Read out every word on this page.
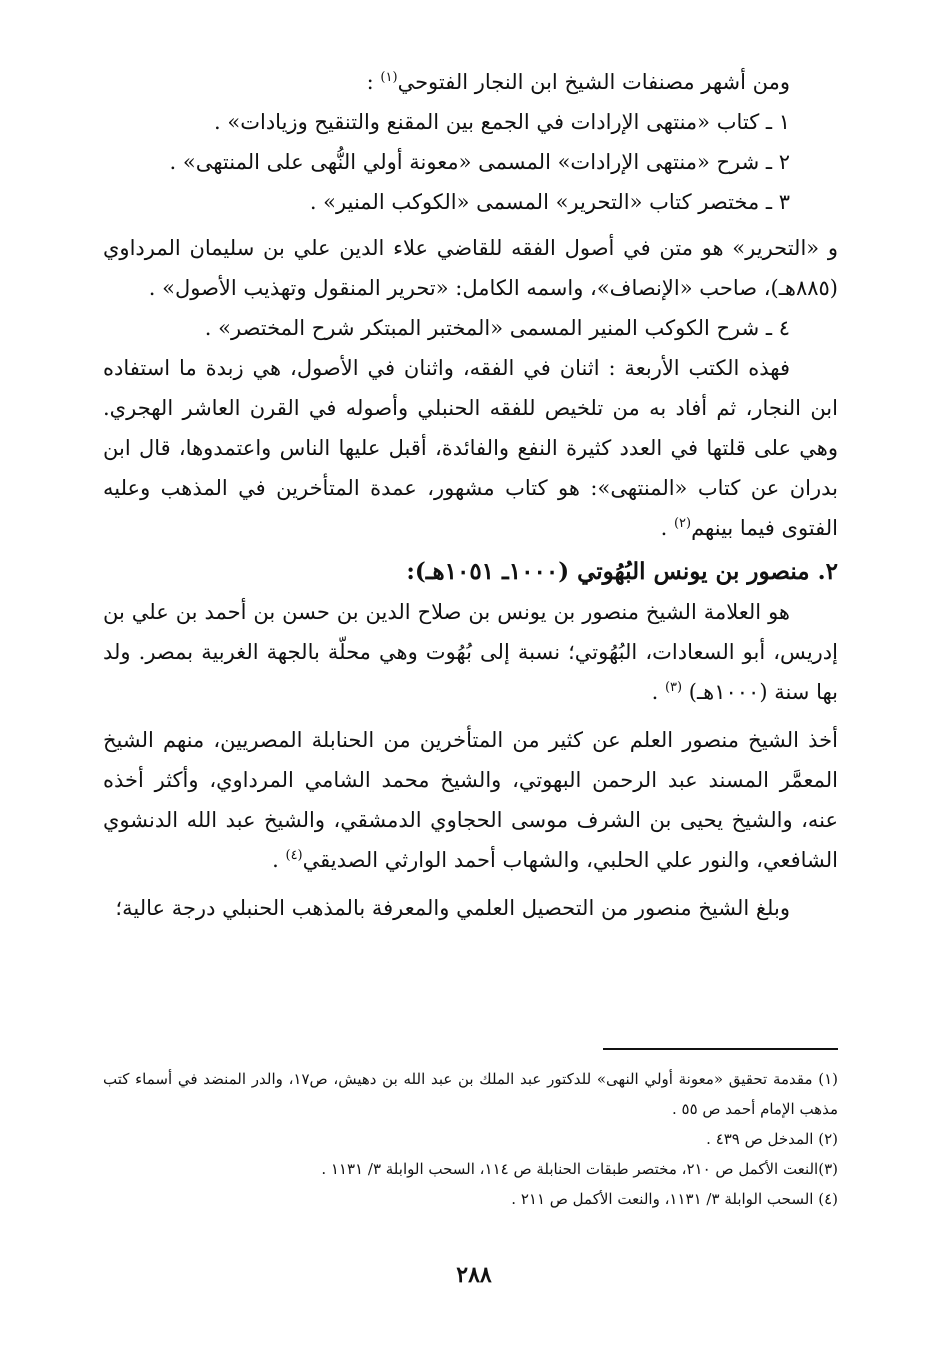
ومن أشهر مصنفات الشيخ ابن النجار الفتوحي$^{(١)}$ :

١ ـ كتاب «منتهى الإرادات في الجمع بين المقنع والتنقيح وزيادات» .

٢ ـ شرح «منتهى الإرادات» المسمى «معونة أولي النُّهى على المنتهى» .

٣ ـ مختصر كتاب «التحرير» المسمى «الكوكب المنير» .

و «التحرير» هو متن في أصول الفقه للقاضي علاء الدين علي بن سليمان المرداوي (٨٨٥هـ)، صاحب «الإنصاف»، واسمه الكامل: «تحرير المنقول وتهذيب الأصول» .

٤ ـ شرح الكوكب المنير المسمى «المختبر المبتكر شرح المختصر» .

فهذه الكتب الأربعة : اثنان في الفقه، واثنان في الأصول، هي زبدة ما استفاده ابن النجار، ثم أفاد به من تلخيص للفقه الحنبلي وأصوله في القرن العاشر الهجري. وهي على قلتها في العدد كثيرة النفع والفائدة، أقبل عليها الناس واعتمدوها، قال ابن بدران عن كتاب «المنتهى»: هو كتاب مشهور، عمدة المتأخرين في المذهب وعليه الفتوى فيما بينهم$^{(٢)}$ .

٢. منصور بن يونس البُهُوتي (١٠٠٠ـ ١٠٥١هـ):

هو العلامة الشيخ منصور بن يونس بن صلاح الدين بن حسن بن أحمد بن علي بن إدريس، أبو السعادات، البُهُوتي؛ نسبة إلى بُهُوت وهي محلّة بالجهة الغربية بمصر. ولد بها سنة (١٠٠٠هـ) $^{(٣)}$ .

أخذ الشيخ منصور العلم عن كثير من المتأخرين من الحنابلة المصريين، منهم الشيخ المعمَّر المسند عبد الرحمن البهوتي، والشيخ محمد الشامي المرداوي، وأكثر أخذه عنه، والشيخ يحيى بن الشرف موسى الحجاوي الدمشقي، والشيخ عبد الله الدنشوي الشافعي، والنور علي الحلبي، والشهاب أحمد الوارثي الصديقي$^{(٤)}$ .

وبلغ الشيخ منصور من التحصيل العلمي والمعرفة بالمذهب الحنبلي درجة عالية؛

(١) مقدمة تحقيق «معونة أولي النهى» للدكتور عبد الملك بن عبد الله بن دهيش، ص١٧، والدر المنضد في أسماء كتب مذهب الإمام أحمد ص ٥٥ .

(٢) المدخل ص ٤٣٩ .

(٣)النعت الأكمل ص ٢١٠، مختصر طبقات الحنابلة ص ١١٤، السحب الوابلة ٣/ ١١٣١ .

(٤) السحب الوابلة ٣/ ١١٣١، والنعت الأكمل ص ٢١١ .

٢٨٨
